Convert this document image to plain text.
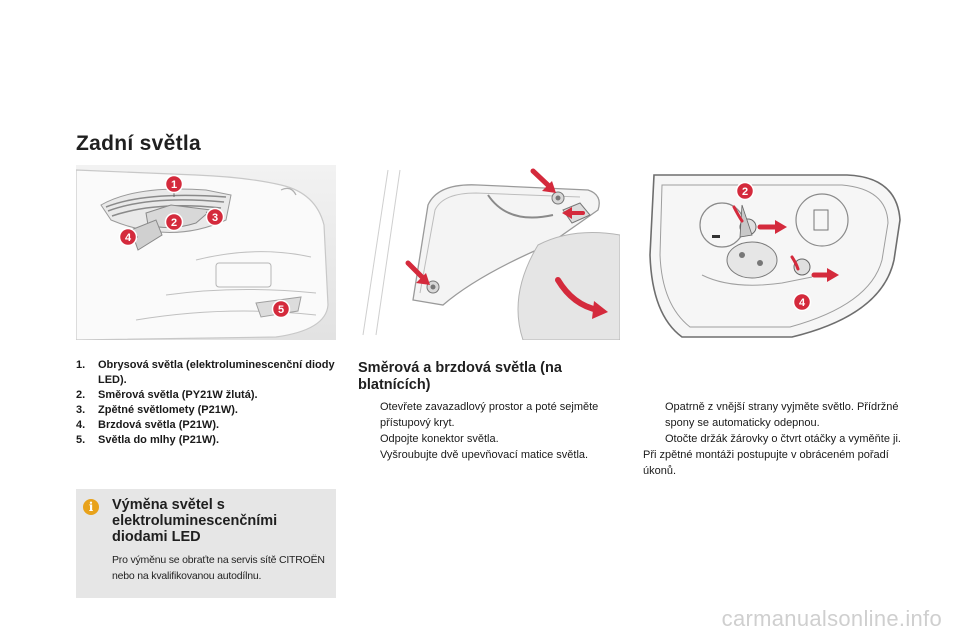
Zadní světla
1
2	3
4
5
2
4
1.	Obrysová světla (elektroluminescenční diody LED).
2.	Směrová světla (PY21W žlutá).
3.	Zpětné světlomety (P21W).
4.	Brzdová světla (P21W).
5.	Světla do mlhy (P21W).
Směrová a brzdová světla (na blatnících)
Otevřete zavazadlový prostor a poté sejměte přístupový kryt.
Odpojte konektor světla.
Vyšroubujte dvě upevňovací matice světla.
Opatrně z vnější strany vyjměte světlo. Přídržné spony se automaticky odepnou.
Otočte držák žárovky o čtvrt otáčky a vyměňte ji.

Při zpětné montáži postupujte v obráceném pořadí úkonů.

i	Výměna světel s elektroluminescenčními diodami LED
Pro výměnu se obraťte na servis sítě CITROËN nebo na kvalifikovanou autodílnu.
carmanualsonline.info
